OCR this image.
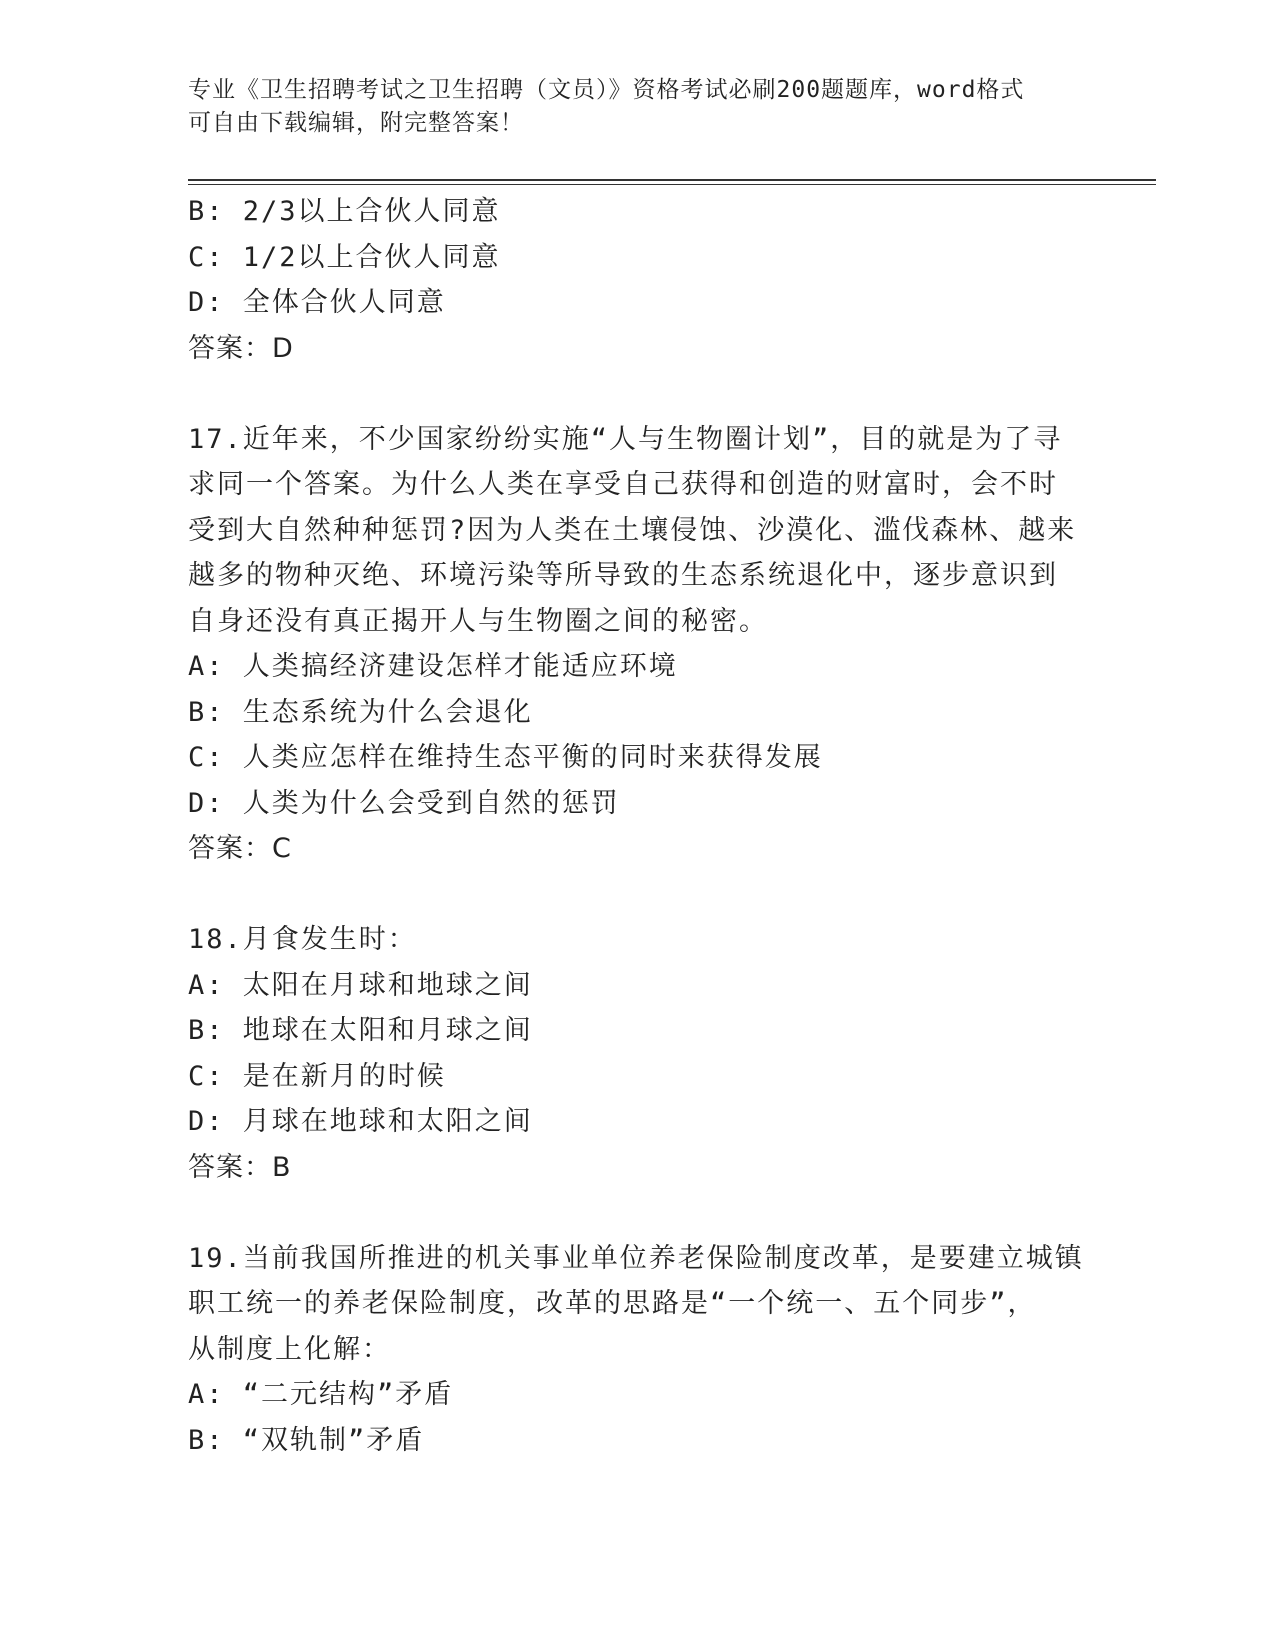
专业《卫生招聘考试之卫生招聘（文员）》资格考试必刷200题题库，word格式
可自由下载编辑，附完整答案！
B: 2/3以上合伙人同意
C: 1/2以上合伙人同意
D: 全体合伙人同意
答案：D
17.近年来，不少国家纷纷实施“人与生物圈计划”，目的就是为了寻
求同一个答案。为什么人类在享受自己获得和创造的财富时，会不时
受到大自然种种惩罚?因为人类在土壤侵蚀、沙漠化、滥伐森林、越来
越多的物种灭绝、环境污染等所导致的生态系统退化中，逐步意识到
自身还没有真正揭开人与生物圈之间的秘密。
A: 人类搞经济建设怎样才能适应环境
B: 生态系统为什么会退化
C: 人类应怎样在维持生态平衡的同时来获得发展
D: 人类为什么会受到自然的惩罚
答案：C
18.月食发生时：
A: 太阳在月球和地球之间
B: 地球在太阳和月球之间
C: 是在新月的时候
D: 月球在地球和太阳之间
答案：B
19.当前我国所推进的机关事业单位养老保险制度改革，是要建立城镇
职工统一的养老保险制度，改革的思路是“一个统一、五个同步”，
从制度上化解：
A: “二元结构”矛盾
B: “双轨制”矛盾
